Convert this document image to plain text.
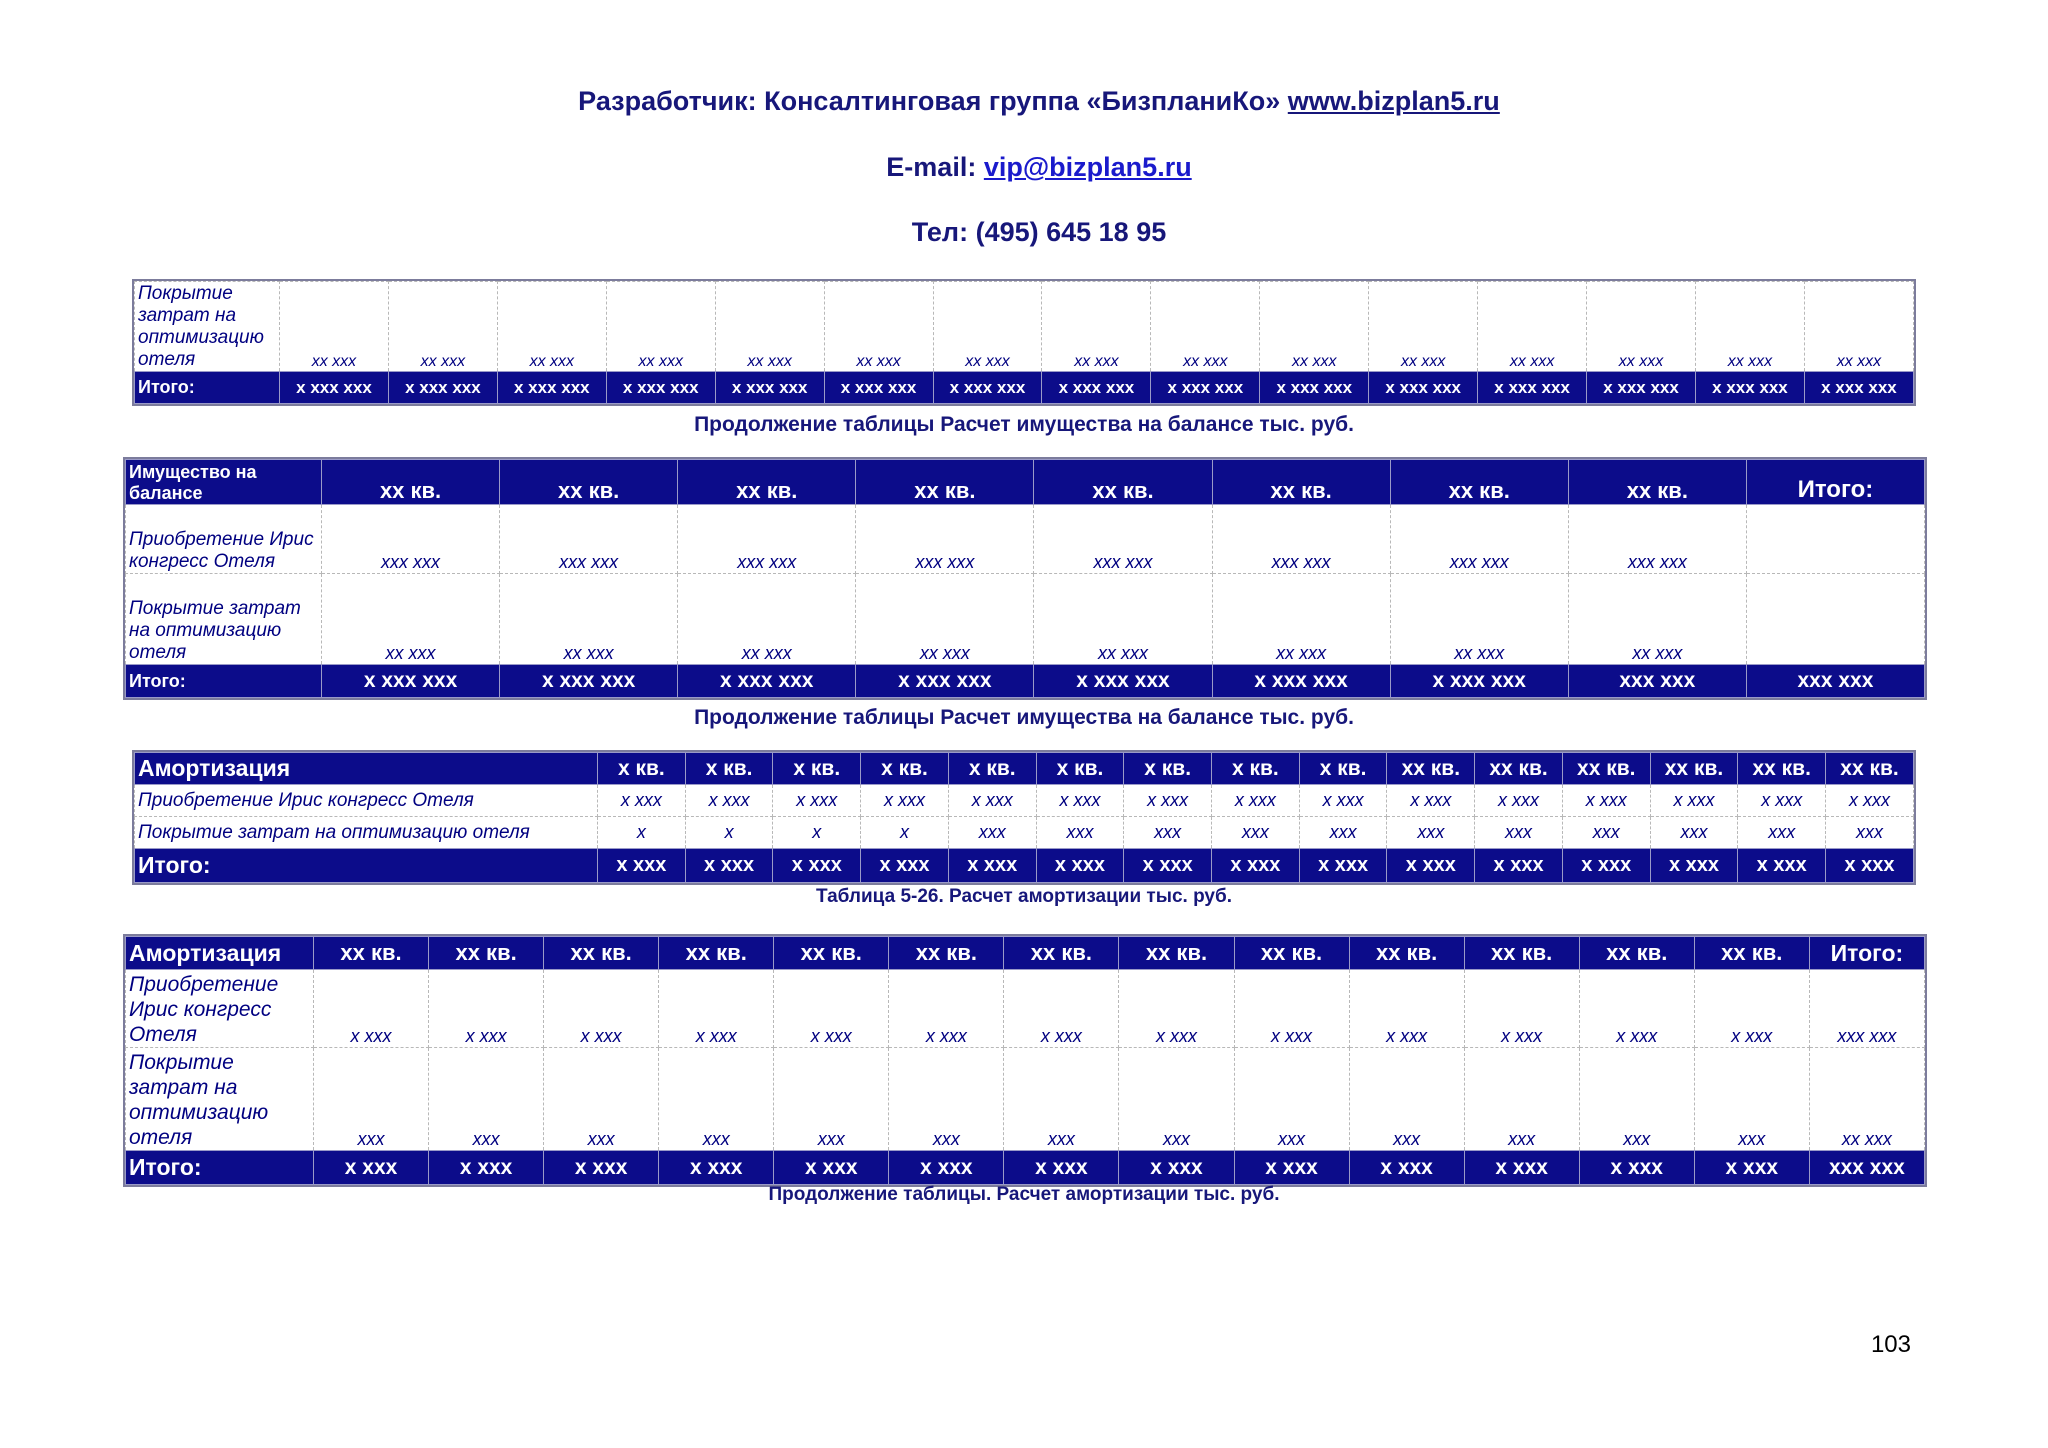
Разработчик: Консалтинговая группа «БизпланиКо» www.bizplan5.ru
E-mail: vip@bizplan5.ru
Тел: (495) 645 18 95
Покрытие затрат на оптимизацию отеля	xx xxx	xx xxx	xx xxx	xx xxx	xx xxx	xx xxx	xx xxx	xx xxx	xx xxx	xx xxx	xx xxx	xx xxx	xx xxx	xx xxx	xx xxx
Итого:	x xxx xxx	x xxx xxx	x xxx xxx	x xxx xxx	x xxx xxx	x xxx xxx	x xxx xxx	x xxx xxx	x xxx xxx	x xxx xxx	x xxx xxx	x xxx xxx	x xxx xxx	x xxx xxx	x xxx xxx
Продолжение таблицы Расчет имущества на балансе тыс. руб.
Имущество на балансе	xx кв.	xx кв.	xx кв.	xx кв.	xx кв.	xx кв.	xx кв.	xx кв.	Итого:
Приобретение Ирис конгресс Отеля	xxx xxx	xxx xxx	xxx xxx	xxx xxx	xxx xxx	xxx xxx	xxx xxx	xxx xxx	
Покрытие затрат на оптимизацию отеля	xx xxx	xx xxx	xx xxx	xx xxx	xx xxx	xx xxx	xx xxx	xx xxx	
Итого:	x xxx xxx	x xxx xxx	x xxx xxx	x xxx xxx	x xxx xxx	x xxx xxx	x xxx xxx	xxx xxx	xxx xxx
Продолжение таблицы Расчет имущества на балансе тыс. руб.
Амортизация	x кв.	x кв.	x кв.	x кв.	x кв.	x кв.	x кв.	x кв.	x кв.	xx кв.	xx кв.	xx кв.	xx кв.	xx кв.	xx кв.
Приобретение Ирис конгресс Отеля	x xxx	x xxx	x xxx	x xxx	x xxx	x xxx	x xxx	x xxx	x xxx	x xxx	x xxx	x xxx	x xxx	x xxx	x xxx
Покрытие затрат на оптимизацию отеля	x	x	x	x	xxx	xxx	xxx	xxx	xxx	xxx	xxx	xxx	xxx	xxx	xxx
Итого:	x xxx	x xxx	x xxx	x xxx	x xxx	x xxx	x xxx	x xxx	x xxx	x xxx	x xxx	x xxx	x xxx	x xxx	x xxx
Таблица 5-26. Расчет амортизации тыс. руб.
Амортизация	xx кв.	xx кв.	xx кв.	xx кв.	xx кв.	xx кв.	xx кв.	xx кв.	xx кв.	xx кв.	xx кв.	xx кв.	xx кв.	Итого:
Приобретение Ирис конгресс Отеля	x xxx	x xxx	x xxx	x xxx	x xxx	x xxx	x xxx	x xxx	x xxx	x xxx	x xxx	x xxx	x xxx	xxx xxx
Покрытие затрат на оптимизацию отеля	xxx	xxx	xxx	xxx	xxx	xxx	xxx	xxx	xxx	xxx	xxx	xxx	xxx	xx xxx
Итого:	x xxx	x xxx	x xxx	x xxx	x xxx	x xxx	x xxx	x xxx	x xxx	x xxx	x xxx	x xxx	x xxx	xxx xxx
Продолжение таблицы. Расчет амортизации тыс. руб.
103
